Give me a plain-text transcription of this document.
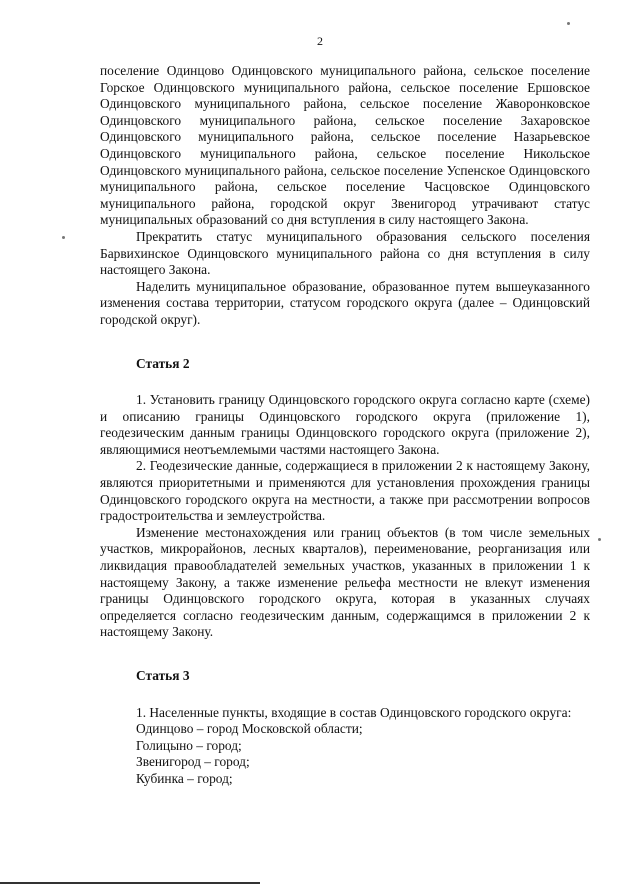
2

поселение Одинцово Одинцовского муниципального района, сельское поселение Горское Одинцовского муниципального района, сельское поселение Ершовское Одинцовского муниципального района, сельское поселение Жаворонковское Одинцовского муниципального района, сельское поселение Захаровское Одинцовского муниципального района, сельское поселение Назарьевское Одинцовского муниципального района, сельское поселение Никольское Одинцовского муниципального района, сельское поселение Успенское Одинцовского муниципального района, сельское поселение Часцовское Одинцовского муниципального района, городской округ Звенигород утрачивают статус муниципальных образований со дня вступления в силу настоящего Закона.

Прекратить статус муниципального образования сельского поселения Барвихинское Одинцовского муниципального района со дня вступления в силу настоящего Закона.

Наделить муниципальное образование, образованное путем вышеуказанного изменения состава территории, статусом городского округа (далее – Одинцовский городской округ).

Статья 2

1. Установить границу Одинцовского городского округа согласно карте (схеме) и описанию границы Одинцовского городского округа (приложение 1), геодезическим данным границы Одинцовского городского округа (приложение 2), являющимися неотъемлемыми частями настоящего Закона.

2. Геодезические данные, содержащиеся в приложении 2 к настоящему Закону, являются приоритетными и применяются для установления прохождения границы Одинцовского городского округа на местности, а также при рассмотрении вопросов градостроительства и землеустройства.

Изменение местонахождения или границ объектов (в том числе земельных участков, микрорайонов, лесных кварталов), переименование, реорганизация или ликвидация правообладателей земельных участков, указанных в приложении 1 к настоящему Закону, а также изменение рельефа местности не влекут изменения границы Одинцовского городского округа, которая в указанных случаях определяется согласно геодезическим данным, содержащимся в приложении 2 к настоящему Закону.

Статья 3

1. Населенные пункты, входящие в состав Одинцовского городского округа:

Одинцово – город Московской области;

Голицыно – город;

Звенигород – город;

Кубинка – город;
